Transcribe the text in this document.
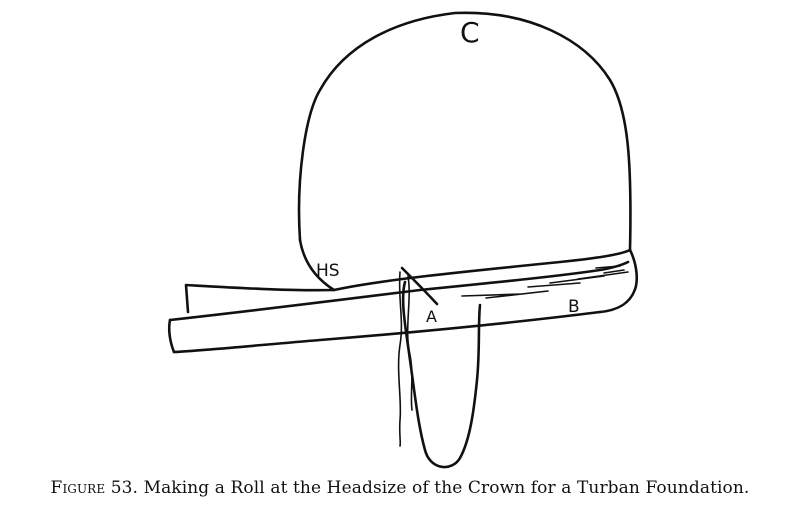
C
HS
A	B
Figure 53. Making a Roll at the Headsize of the Crown for a Turban Foundation.
